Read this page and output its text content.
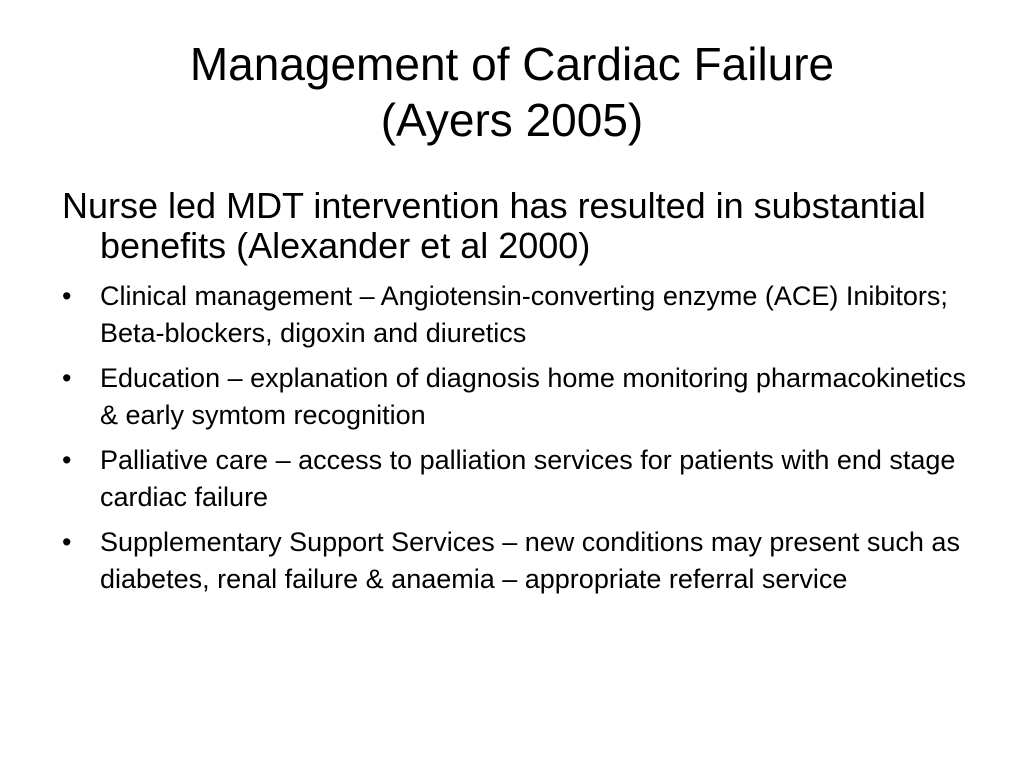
Management of Cardiac Failure
(Ayers 2005)

Nurse led MDT intervention has resulted in substantial benefits (Alexander et al 2000)

•	Clinical management – Angiotensin-converting enzyme (ACE) Inibitors; Beta-blockers, digoxin and diuretics
•	Education – explanation of diagnosis home monitoring pharmacokinetics & early symtom recognition
•	Palliative care – access to palliation services for patients with end stage cardiac failure
•	Supplementary Support Services – new conditions may present such as diabetes, renal failure & anaemia – appropriate referral service
